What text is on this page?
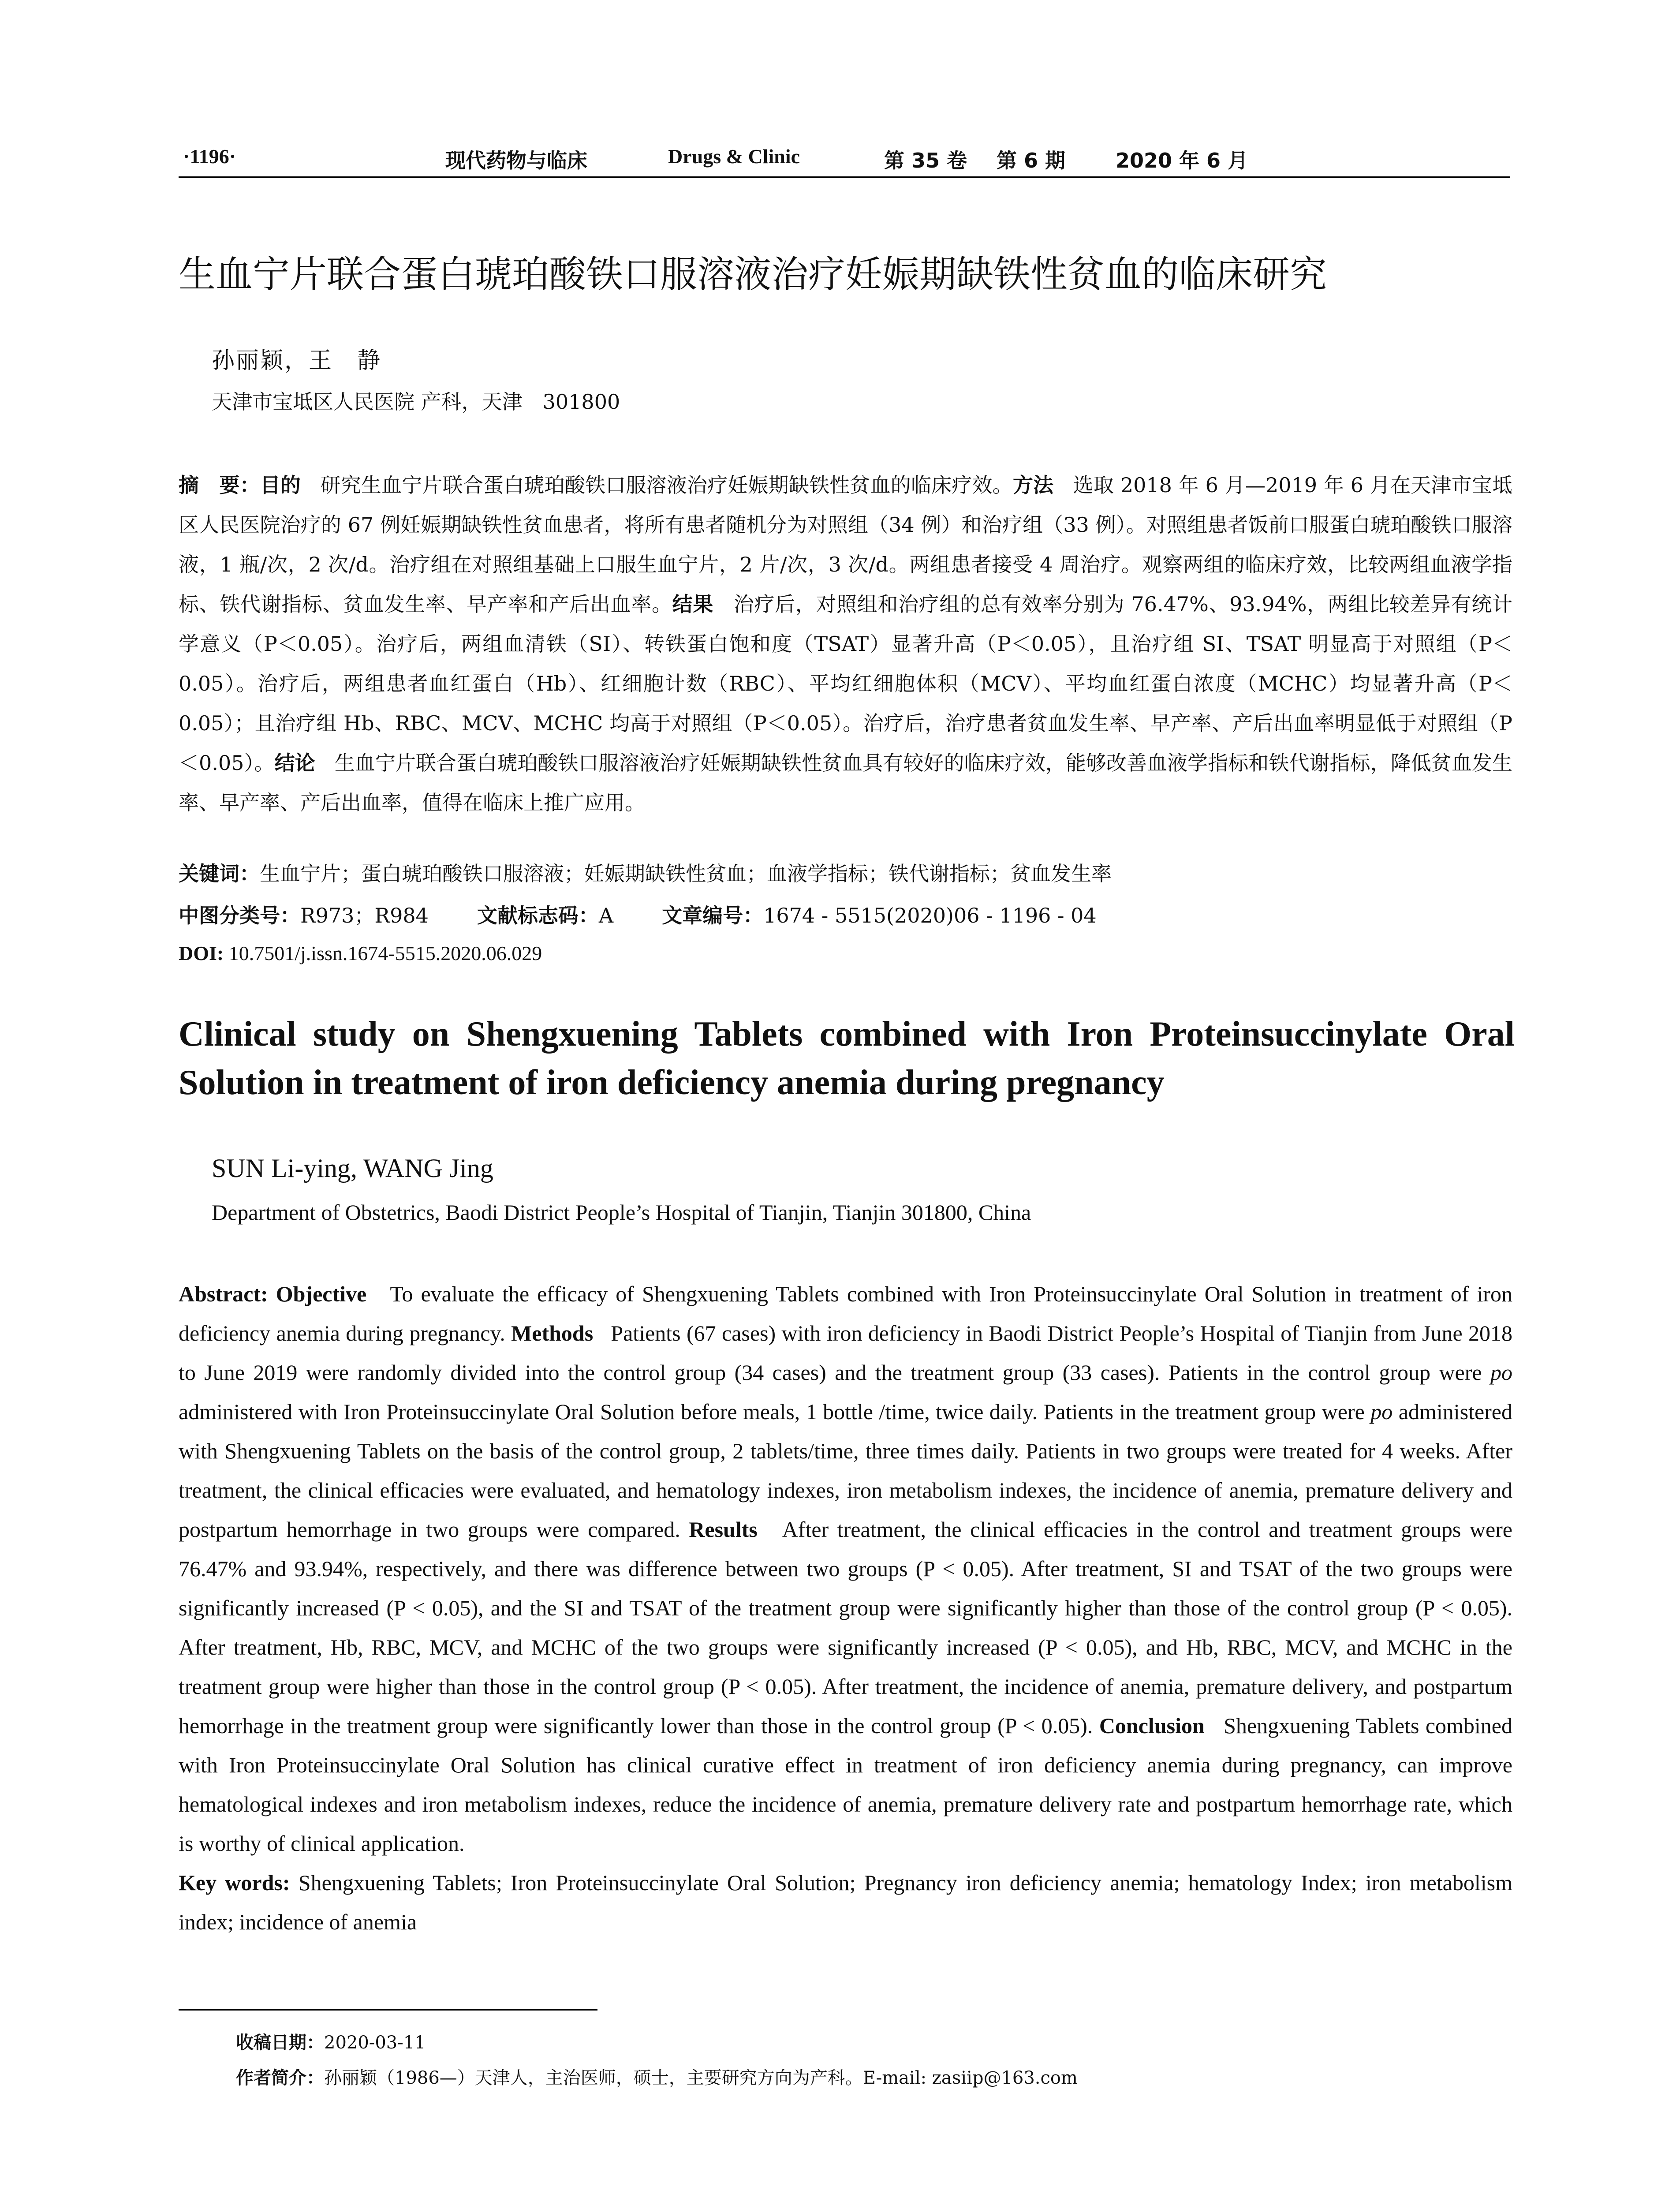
·1196·	现代药物与临床	Drugs & Clinic	第 35 卷 第 6 期 2020 年 6 月
生血宁片联合蛋白琥珀酸铁口服溶液治疗妊娠期缺铁性贫血的临床研究
孙丽颖，王　静
天津市宝坻区人民医院 产科，天津　301800
摘　要：目的 研究生血宁片联合蛋白琥珀酸铁口服溶液治疗妊娠期缺铁性贫血的临床疗效。方法 选取 2018 年 6 月—2019 年 6 月在天津市宝坻区人民医院治疗的 67 例妊娠期缺铁性贫血患者，将所有患者随机分为对照组（34 例）和治疗组（33 例）。对照组患者饭前口服蛋白琥珀酸铁口服溶液，1 瓶/次，2 次/d。治疗组在对照组基础上口服生血宁片，2 片/次，3 次/d。两组患者接受 4 周治疗。观察两组的临床疗效，比较两组血液学指标、铁代谢指标、贫血发生率、早产率和产后出血率。结果 治疗后，对照组和治疗组的总有效率分别为 76.47%、93.94%，两组比较差异有统计学意义（P＜0.05）。治疗后，两组血清铁（SI）、转铁蛋白饱和度（TSAT）显著升高（P＜0.05），且治疗组 SI、TSAT 明显高于对照组（P＜0.05）。治疗后，两组患者血红蛋白（Hb）、红细胞计数（RBC）、平均红细胞体积（MCV）、平均血红蛋白浓度（MCHC）均显著升高（P＜0.05）；且治疗组 Hb、RBC、MCV、MCHC 均高于对照组（P＜0.05）。治疗后，治疗患者贫血发生率、早产率、产后出血率明显低于对照组（P＜0.05）。结论 生血宁片联合蛋白琥珀酸铁口服溶液治疗妊娠期缺铁性贫血具有较好的临床疗效，能够改善血液学指标和铁代谢指标，降低贫血发生率、早产率、产后出血率，值得在临床上推广应用。
关键词：生血宁片；蛋白琥珀酸铁口服溶液；妊娠期缺铁性贫血；血液学指标；铁代谢指标；贫血发生率
中图分类号：R973；R984 文献标志码：A 文章编号：1674 - 5515(2020)06 - 1196 - 04
DOI: 10.7501/j.issn.1674-5515.2020.06.029
Clinical study on Shengxuening Tablets combined with Iron Proteinsuccinylate Oral Solution in treatment of iron deficiency anemia during pregnancy
SUN Li-ying, WANG Jing
Department of Obstetrics, Baodi District People’s Hospital of Tianjin, Tianjin 301800, China
Abstract: Objective To evaluate the efficacy of Shengxuening Tablets combined with Iron Proteinsuccinylate Oral Solution in treatment of iron deficiency anemia during pregnancy. Methods Patients (67 cases) with iron deficiency in Baodi District People’s Hospital of Tianjin from June 2018 to June 2019 were randomly divided into the control group (34 cases) and the treatment group (33 cases). Patients in the control group were po administered with Iron Proteinsuccinylate Oral Solution before meals, 1 bottle /time, twice daily. Patients in the treatment group were po administered with Shengxuening Tablets on the basis of the control group, 2 tablets/time, three times daily. Patients in two groups were treated for 4 weeks. After treatment, the clinical efficacies were evaluated, and hematology indexes, iron metabolism indexes, the incidence of anemia, premature delivery and postpartum hemorrhage in two groups were compared. Results After treatment, the clinical efficacies in the control and treatment groups were 76.47% and 93.94%, respectively, and there was difference between two groups (P < 0.05). After treatment, SI and TSAT of the two groups were significantly increased (P < 0.05), and the SI and TSAT of the treatment group were significantly higher than those of the control group (P < 0.05). After treatment, Hb, RBC, MCV, and MCHC of the two groups were significantly increased (P < 0.05), and Hb, RBC, MCV, and MCHC in the treatment group were higher than those in the control group (P < 0.05). After treatment, the incidence of anemia, premature delivery, and postpartum hemorrhage in the treatment group were significantly lower than those in the control group (P < 0.05). Conclusion Shengxuening Tablets combined with Iron Proteinsuccinylate Oral Solution has clinical curative effect in treatment of iron deficiency anemia during pregnancy, can improve hematological indexes and iron metabolism indexes, reduce the incidence of anemia, premature delivery rate and postpartum hemorrhage rate, which is worthy of clinical application.
Key words: Shengxuening Tablets; Iron Proteinsuccinylate Oral Solution; Pregnancy iron deficiency anemia; hematology Index; iron metabolism index; incidence of anemia
收稿日期：2020-03-11
作者简介：孙丽颖（1986—）天津人，主治医师，硕士，主要研究方向为产科。E-mail: zasiip@163.com
